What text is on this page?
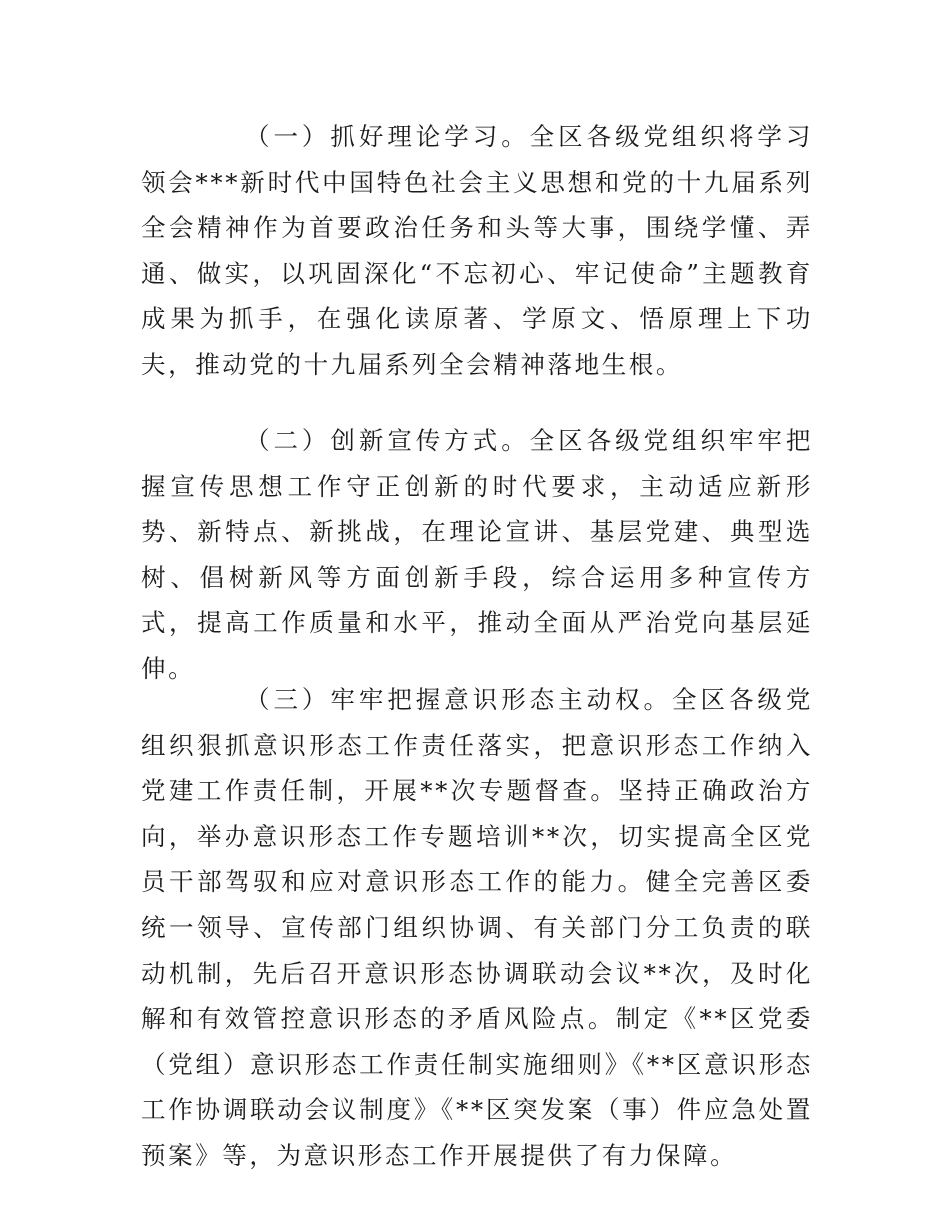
（一）抓好理论学习。全区各级党组织将学习领会***新时代中国特色社会主义思想和党的十九届系列全会精神作为首要政治任务和头等大事，围绕学懂、弄通、做实，以巩固深化“不忘初心、牢记使命”主题教育成果为抓手，在强化读原著、学原文、悟原理上下功夫，推动党的十九届系列全会精神落地生根。

（二）创新宣传方式。全区各级党组织牢牢把握宣传思想工作守正创新的时代要求，主动适应新形势、新特点、新挑战，在理论宣讲、基层党建、典型选树、倡树新风等方面创新手段，综合运用多种宣传方式，提高工作质量和水平，推动全面从严治党向基层延伸。

（三）牢牢把握意识形态主动权。全区各级党组织狠抓意识形态工作责任落实，把意识形态工作纳入党建工作责任制，开展**次专题督查。坚持正确政治方向，举办意识形态工作专题培训**次，切实提高全区党员干部驾驭和应对意识形态工作的能力。健全完善区委统一领导、宣传部门组织协调、有关部门分工负责的联动机制，先后召开意识形态协调联动会议**次，及时化解和有效管控意识形态的矛盾风险点。制定《**区党委（党组）意识形态工作责任制实施细则》《**区意识形态工作协调联动会议制度》《**区突发案（事）件应急处置预案》等，为意识形态工作开展提供了有力保障。
